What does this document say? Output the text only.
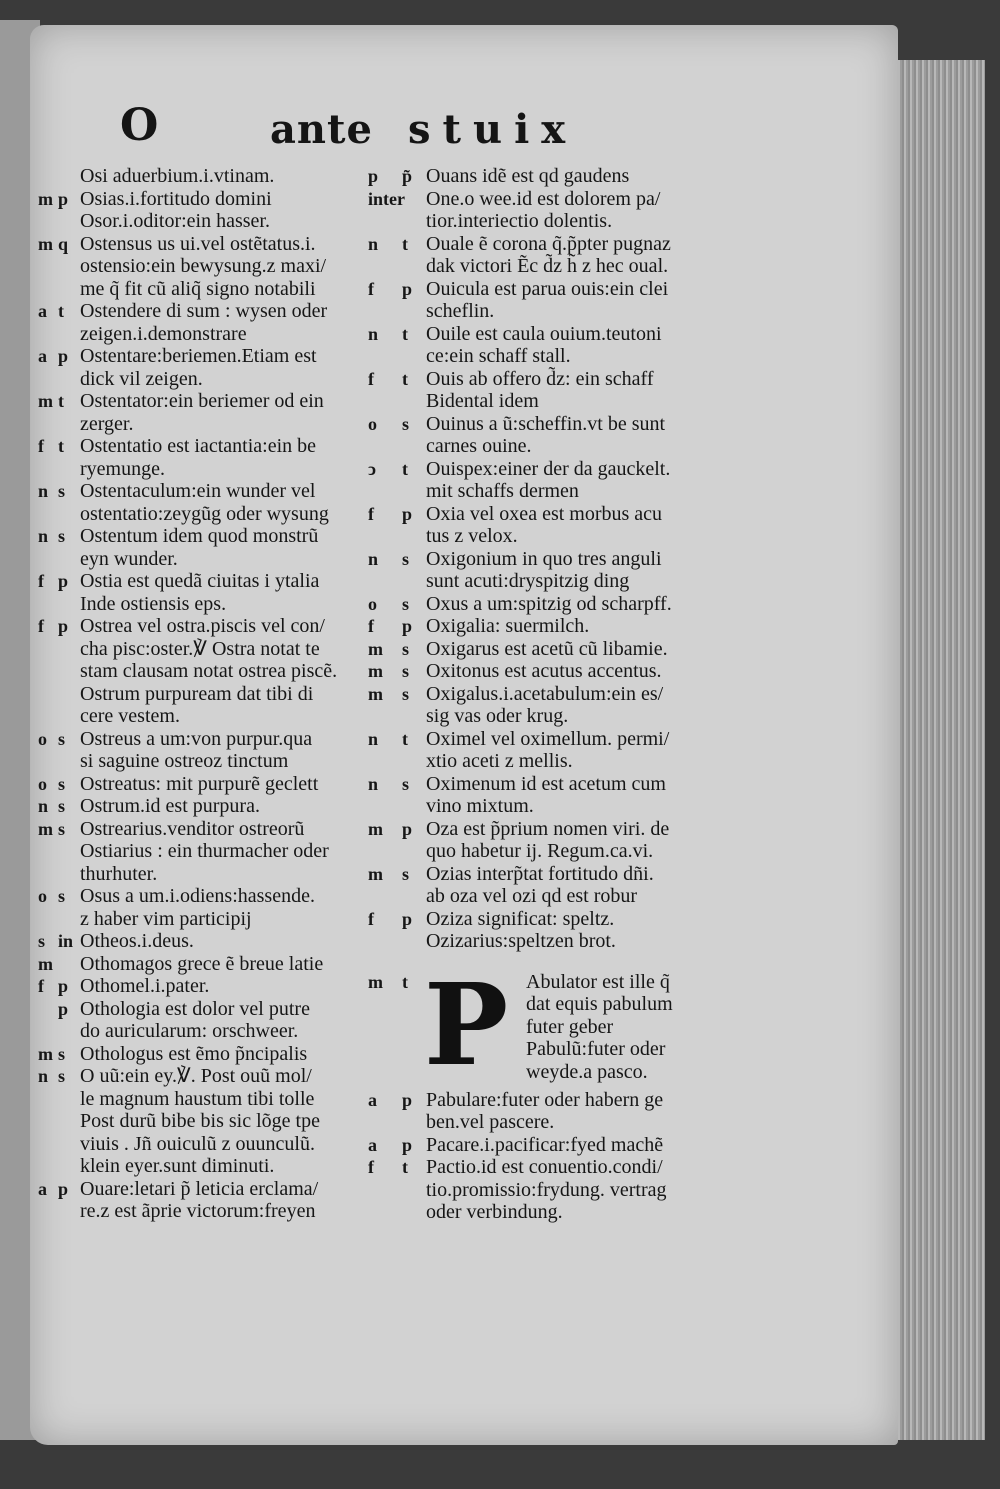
O	ante stuix
Osi aduerbium.i.vtinam.
m p Osias.i.fortitudo domini
Osor.i.oditor:ein hasser.
m q Ostensus us ui.vel ostẽtatus.i.
ostensio:ein bewysung.z maxi/
me q̃ fit cũ aliq̃ signo notabili
a t Ostendere di sum : wysen oder
zeigen.i.demonstrare
a p Ostentare:beriemen.Etiam est
dick vil zeigen.
m t Ostentator:ein beriemer od ein
zerger.
f t Ostentatio est iactantia:ein be
ryemunge.
n s Ostentaculum:ein wunder vel
ostentatio:zeygũg oder wysung
n s Ostentum idem quod monstrũ
eyn wunder.
f p Ostia est quedã ciuitas i ytalia
Inde ostiensis eps.
f p Ostrea vel ostra.piscis vel con/
cha pisc:oster.℣ Ostra notat te
stam clausam notat ostrea piscẽ.
Ostrum purpuream dat tibi di
cere vestem.
o s Ostreus a um:von purpur.qua
si saguine ostreoz tinctum
o s Ostreatus: mit purpurẽ geclett
n s Ostrum.id est purpura.
m s Ostrearius.venditor ostreorũ
Ostiarius : ein thurmacher oder
thurhuter.
o s Osus a um.i.odiens:hassende.
z haber vim participij
s in Otheos.i.deus.
m Othomagos grece ẽ breue latie
f p Othomel.i.pater.
p Othologia est dolor vel putre
do auricularum: orschweer.
m s Othologus est ẽmo p̃ncipalis
n s O uũ:ein ey.℣. Post ouũ mol/
le magnum haustum tibi tolle
Post durũ bibe bis sic lõge tpe
viuis . Jñ ouiculũ z ouunculũ.
klein eyer.sunt diminuti.
a p Ouare:letari p̃ leticia erclama/
re.z est ãprie victorum:freyen
p	p̃ Ouans idẽ est qd gaudens
inter One.o wee.id est dolorem pa/
tior.interiectio dolentis.
n	t Ouale ẽ corona q̃.p̃pter pugnaz
dak victori Ẽc d̃z h̃ z hec oual.
f	p Ouicula est parua ouis:ein clei
scheflin.
n	t Ouile est caula ouium.teutoni
ce:ein schaff stall.
f	t Ouis ab offero d̃z: ein schaff
Bidental idem
o	s Ouinus a ũ:scheffin.vt be sunt
carnes ouine.
ↄ	t Ouispex:einer der da gauckelt.
mit schaffs dermen
f	p Oxia vel oxea est morbus acu
tus z velox.
n	s Oxigonium in quo tres anguli
sunt acuti:dryspitzig ding
o	s Oxus a um:spitzig od scharpff.
f	p Oxigalia: suermilch.
m s Oxigarus est acetũ cũ libamie.
m s Oxitonus est acutus accentus.
m s Oxigalus.i.acetabulum:ein es/
sig vas oder krug.
n	t Oximel vel oximellum. permi/
xtio aceti z mellis.
n	s Oximenum id est acetum cum
vino mixtum.
m p Oza est p̃prium nomen viri. de
quo habetur ij. Regum.ca.vi.
m s Ozias interp̃tat fortitudo dñi.
ab oza vel ozi qd est robur
f	p Oziza significat: speltz.
Ozizarius:speltzen brot.
m t P Abulator est ille q̃
dat equis pabulum
futer geber
Pabulũ:futer oder
weyde.a pasco.
a	p Pabulare:futer oder habern ge
ben.vel pascere.
a	p Pacare.i.pacificar:fyed machẽ
f	t Pactio.id est conuentio.condi/
tio.promissio:frydung. vertrag
oder verbindung.
